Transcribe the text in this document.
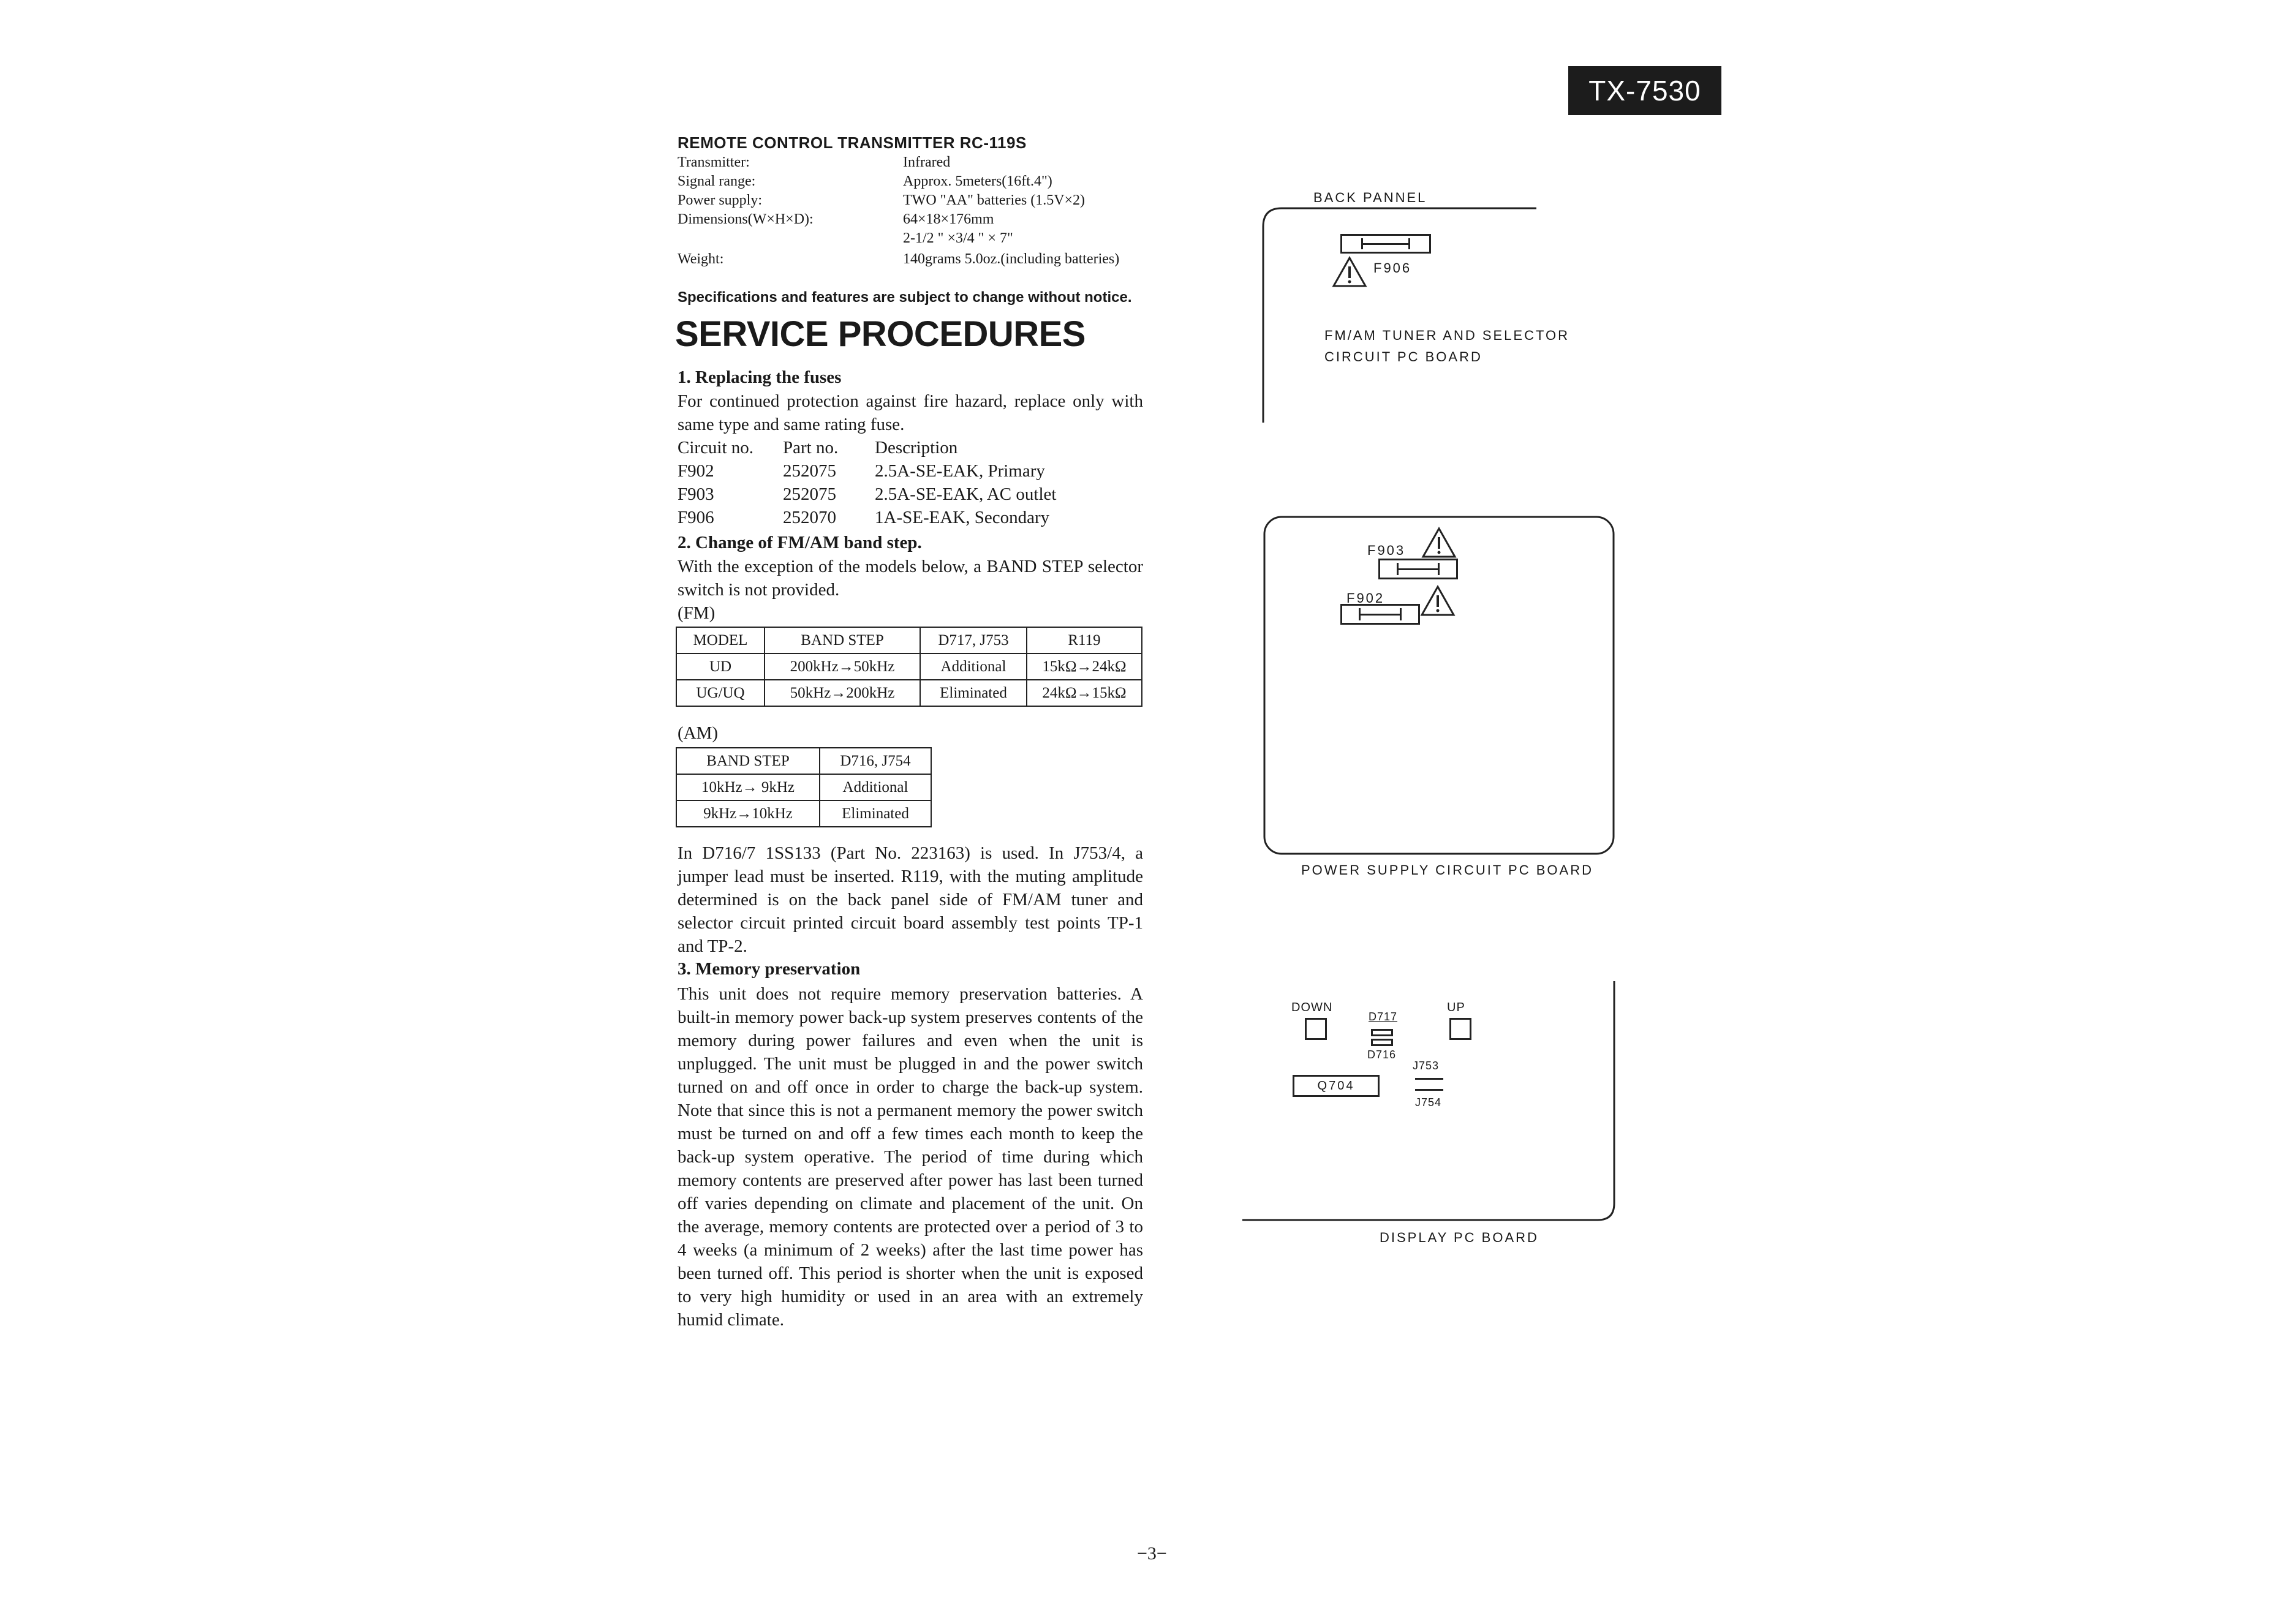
TX-7530
REMOTE CONTROL TRANSMITTER RC-119S
Transmitter:	Infrared
Signal range:	Approx. 5meters(16ft.4")
Power supply:	TWO "AA" batteries (1.5V×2)
Dimensions(W×H×D):	64×18×176mm
2-1/2 " ×3/4 " × 7"
Weight:	140grams 5.0oz.(including batteries)
Specifications and features are subject to change without notice.
SERVICE PROCEDURES
1. Replacing the fuses
For continued protection against fire hazard, replace only with same type and same rating fuse.
Circuit no.	Part no.	Description
F902	252075	2.5A-SE-EAK, Primary
F903	252075	2.5A-SE-EAK, AC outlet
F906	252070	1A-SE-EAK, Secondary
2. Change of FM/AM band step.
With the exception of the models below, a BAND STEP selector switch is not provided.
(FM)
MODEL	BAND STEP	D717, J753	R119
UD	200kHz→50kHz	Additional	15kΩ→24kΩ
UG/UQ	50kHz→200kHz	Eliminated	24kΩ→15kΩ
(AM)
BAND STEP	D716, J754
10kHz→ 9kHz	Additional
9kHz→10kHz	Eliminated
In D716/7 1SS133 (Part No. 223163) is used. In J753/4, a jumper lead must be inserted. R119, with the muting amplitude determined is on the back panel side of FM/AM tuner and selector circuit printed circuit board assembly test points TP-1 and TP-2.
3. Memory preservation
This unit does not require memory preservation batteries. A built-in memory power back-up system preserves contents of the memory during power failures and even when the unit is unplugged. The unit must be plugged in and the power switch turned on and off once in order to charge the back-up system. Note that since this is not a permanent memory the power switch must be turned on and off a few times each month to keep the back-up system operative. The period of time during which memory contents are preserved after power has last been turned off varies depending on climate and placement of the unit. On the average, memory contents are protected over a period of 3 to 4 weeks (a minimum of 2 weeks) after the last time power has been turned off. This period is shorter when the unit is exposed to very high humidity or used in an area with an extremely humid climate.
BACK PANNEL
F906
FM/AM TUNER AND SELECTOR
CIRCUIT PC BOARD
F903
F902
POWER SUPPLY CIRCUIT PC BOARD
DOWN	UP
D717
D716
J753
J754
Q704
DISPLAY PC BOARD
−3−
